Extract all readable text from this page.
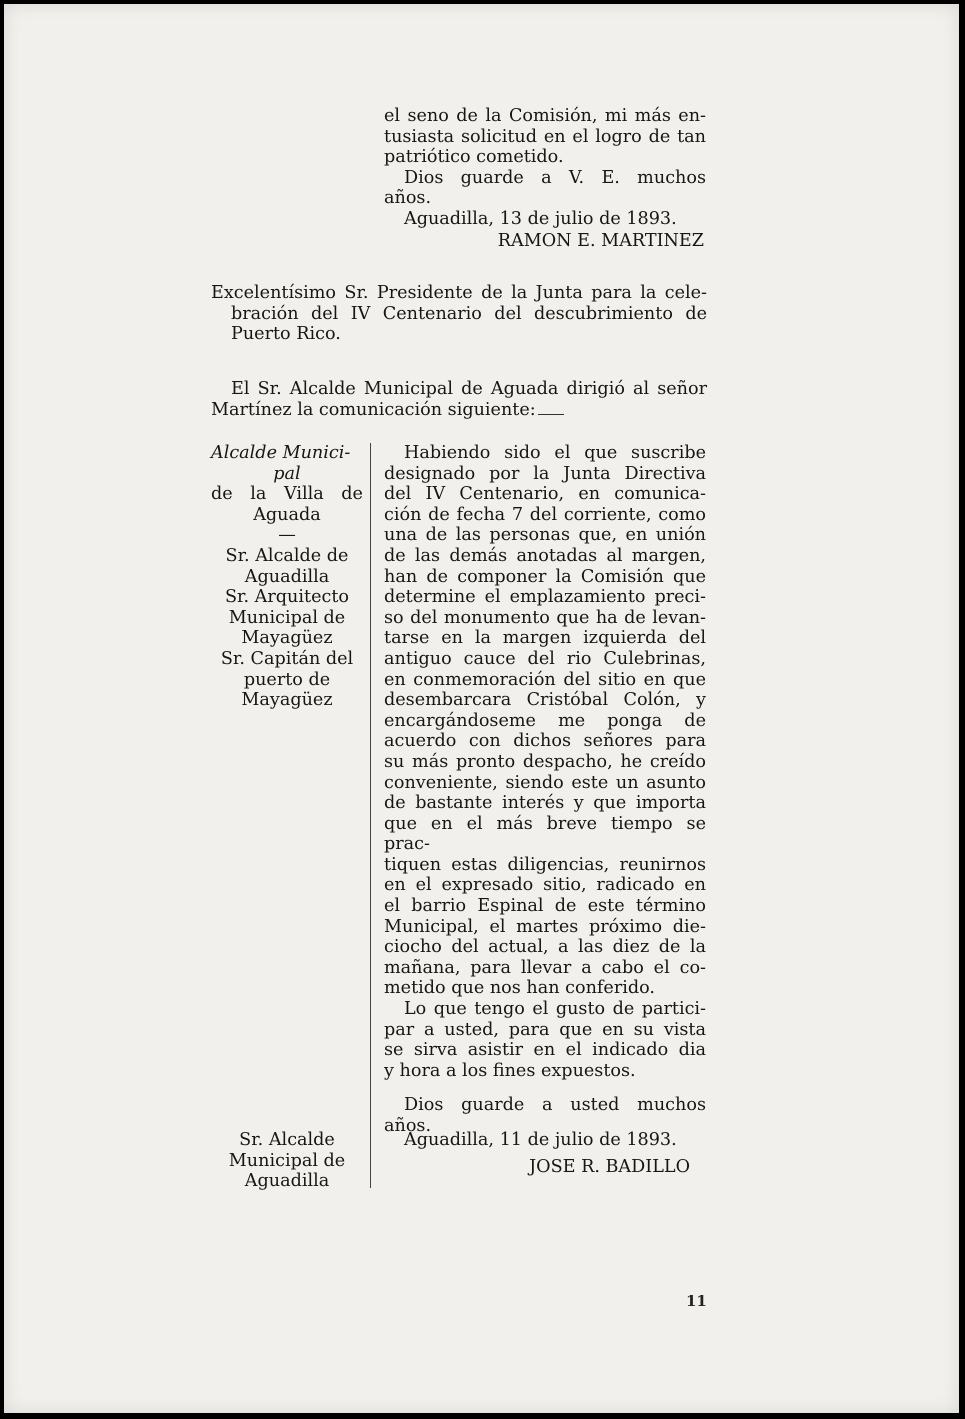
el seno de la Comisión, mi más en-

tusiasta solicitud en el logro de tan

patriótico cometido.

Dios guarde a V. E. muchos

años.

Aguadilla, 13 de julio de 1893.

RAMON E. MARTINEZ

Excelentísimo Sr. Presidente de la Junta para la cele-

bración del IV Centenario del descubrimiento de

Puerto Rico.

El Sr. Alcalde Municipal de Aguada dirigió al señor

Martínez la comunicación siguiente:

Alcalde Munici-

pal

de la Villa de

Aguada

—

Sr. Alcalde de

Aguadilla

Sr. Arquitecto

Municipal de

Mayagüez

Sr. Capitán del

puerto de

Mayagüez

Sr. Alcalde

Municipal de

Aguadilla

Habiendo sido el que suscribe

designado por la Junta Directiva

del IV Centenario, en comunica-

ción de fecha 7 del corriente, como

una de las personas que, en unión

de las demás anotadas al margen,

han de componer la Comisión que

determine el emplazamiento preci-

so del monumento que ha de levan-

tarse en la margen izquierda del

antiguo cauce del rio Culebrinas,

en conmemoración del sitio en que

desembarcara Cristóbal Colón, y

encargándoseme me ponga de

acuerdo con dichos señores para

su más pronto despacho, he creído

conveniente, siendo este un asunto

de bastante interés y que importa

que en el más breve tiempo se prac-

tiquen estas diligencias, reunirnos

en el expresado sitio, radicado en

el barrio Espinal de este término

Municipal, el martes próximo die-

ciocho del actual, a las diez de la

mañana, para llevar a cabo el co-

metido que nos han conferido.

Lo que tengo el gusto de partici-

par a usted, para que en su vista

se sirva asistir en el indicado dia

y hora a los fines expuestos.

Dios guarde a usted muchos

años.

Aguadilla, 11 de julio de 1893.

JOSE R. BADILLO

11
